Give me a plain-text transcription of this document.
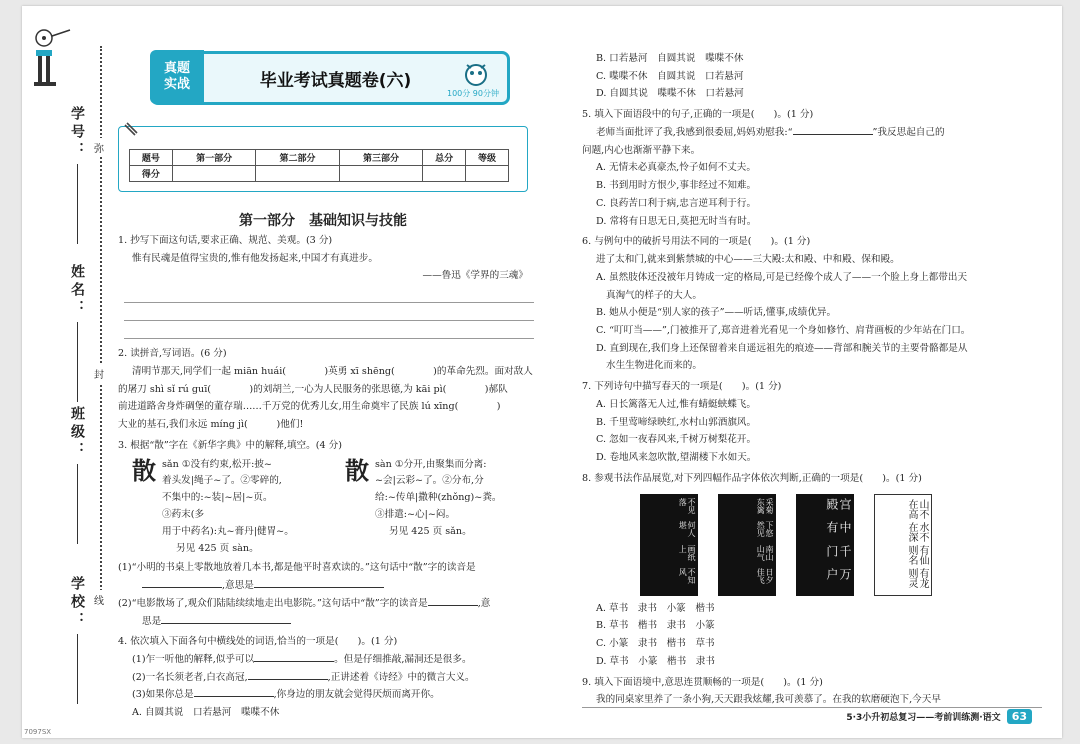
弥
封
线
学号：
姓名：
班级：
学校：
7097SX
真题
实战	毕业考试真题卷(六)
100分 90分钟
题号	第一部分	第二部分	第三部分	总分	等级
得分					
第一部分　基础知识与技能
1. 抄写下面这句话,要求正确、规范、美观。(3 分)
惟有民魂是值得宝贵的,惟有他发扬起来,中国才有真进步。
——鲁迅《学界的三魂》
2. 读拼音,写词语。(6 分)
清明节那天,同学们一起 miān huái(　　　　)英勇 xī shēng(　　　　)的革命先烈。面对敌人
的屠刀 shì sǐ rú guī(　　　　)的刘胡兰,一心为人民服务的张思德,为 kāi pì(　　　　)郝队
前进道路舍身炸碉堡的董存瑞……千万党的优秀儿女,用生命奠牢了民族 lú xīng(　　　　)
大业的基石,我们永远 míng jì(　　　)他们!
3. 根据“散”字在《新华字典》中的解释,填空。(4 分)
散 sǎn ①没有约束,松开:披~
着头发|绳子~了。②零碎的,
不集中的:~装|~居|~页。
③药末(多
用于中药名):丸~膏丹|健胃~。
另见 425 页 sàn。
散 sàn ①分开,由聚集而分离:
~会|云彩~了。②分布,分
给:~传单|撒种(zhǒng)~粪。
③排遣:~心|~闷。
另见 425 页 sǎn。
(1)“小明的书桌上零散地放着几本书,都是他平时喜欢读的。”这句话中“散”字的读音是
,意思是
(2)“电影散场了,观众们陆陆续续地走出电影院。”这句话中“散”字的读音是	,意
思是
4. 依次填入下面各句中横线处的词语,恰当的一项是(　　)。(1 分)
(1)乍一听他的解释,似乎可以	。但是仔细推敲,漏洞还是很多。
(2)一名长须老者,白衣高冠,	,正讲述着《诗经》中的微言大义。
(3)如果你总是	,你身边的朋友就会觉得厌烦而离开你。
A. 自圆其说　口若悬河　喋喋不休
B. 口若悬河　自圆其说　喋喋不休
C. 喋喋不休　自圆其说　口若悬河
D. 自圆其说　喋喋不休　口若悬河
5. 填入下面语段中的句子,正确的一项是(　　)。(1 分)
老师当面批评了我,我感到很委屈,妈妈劝慰我:“	”我反思起自己的
问题,内心也渐渐平静下来。
A. 无情未必真豪杰,怜子如何不丈夫。
B. 书到用时方恨少,事非经过不知难。
C. 良药苦口利于病,忠言逆耳利于行。
D. 常将有日思无日,莫把无时当有时。
6. 与例句中的破折号用法不同的一项是(　　)。(1 分)
进了太和门,就来到紫禁城的中心——三大殿:太和殿、中和殿、保和殿。
A. 虽然肢体还没被年月铸成一定的格局,可是已经像个成人了——一个脸上身上都带出天
真淘气的样子的大人。
B. 她从小便是“别人家的孩子”——听话,懂事,成绩优异。
C. “叮叮当——”,门被推开了,郑音进着光看见一个身如修竹、肩背画板的少年站在门口。
D. 直到现在,我们身上还保留着来自遥远祖先的痕迹——背部和腕关节的主要骨骼都是从
水生生物进化而来的。
7. 下列诗句中描写春天的一项是(　　)。(1 分)
A. 日长篱落无人过,惟有蜻蜓蛱蝶飞。
B. 千里莺啼绿映红,水村山郭酒旗风。
C. 忽如一夜春风来,千树万树梨花开。
D. 卷地风来忽吹散,望湖楼下水如天。
8. 参观书法作品展览,对下列四幅作品字体依次判断,正确的一项是(　　)。(1 分)
不见落
何人堪
画纸上
不知风
采菊东篱
下悠然见
南山山气
日夕佳飞
宫殿
中有
千门
万户
山不在高
水不在深
有仙则名
有龙则灵
A. 草书　隶书　小篆　楷书
B. 草书　楷书　隶书　小篆
C. 小篆　隶书　楷书　草书
D. 草书　小篆　楷书　隶书
9. 填入下面语境中,意思连贯顺畅的一项是(　　)。(1 分)
我的同桌家里养了一条小狗,天天跟我炫耀,我可羡慕了。在我的软磨硬泡下,今天早
5·3小升初总复习——考前训练测·语文	63
